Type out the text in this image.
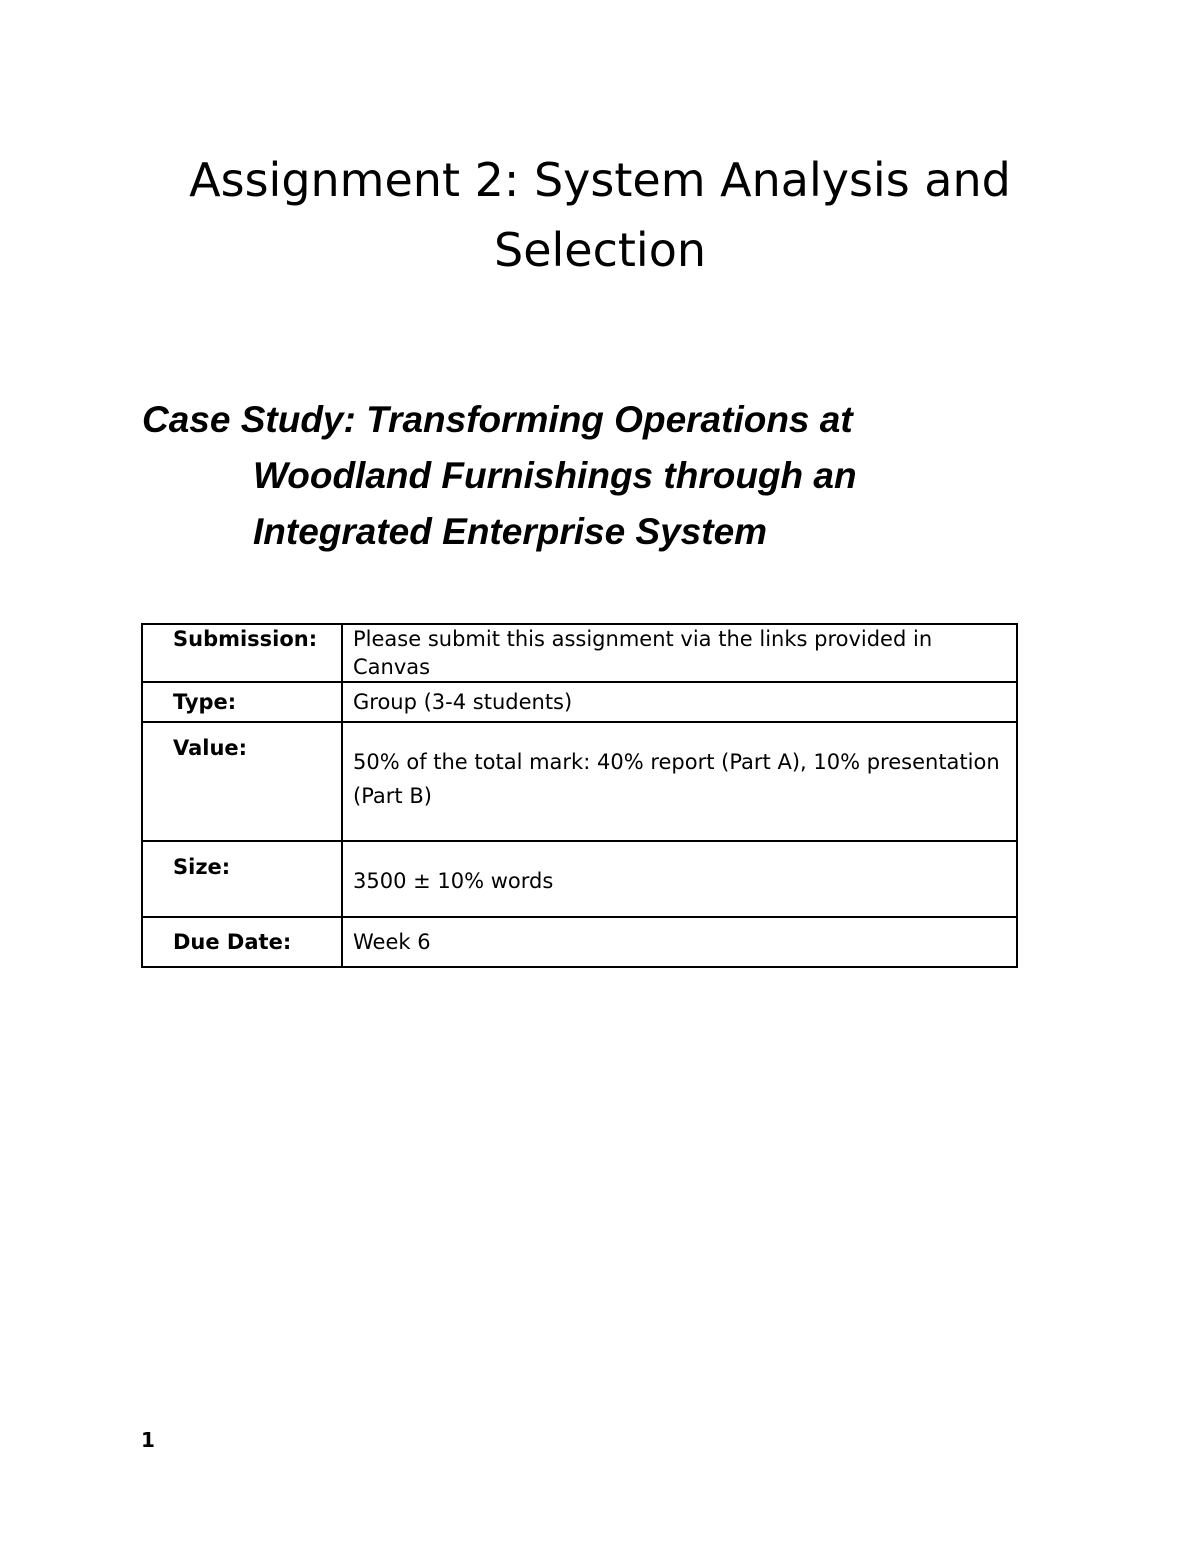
Assignment 2: System Analysis and
Selection
Case Study: Transforming Operations at
Woodland Furnishings through an
Integrated Enterprise System
Submission:	Please submit this assignment via the links provided in Canvas
Type:	Group (3-4 students)
Value:	50% of the total mark: 40% report (Part A), 10% presentation (Part B)
Size:	3500 ± 10% words
Due Date:	Week 6
1
